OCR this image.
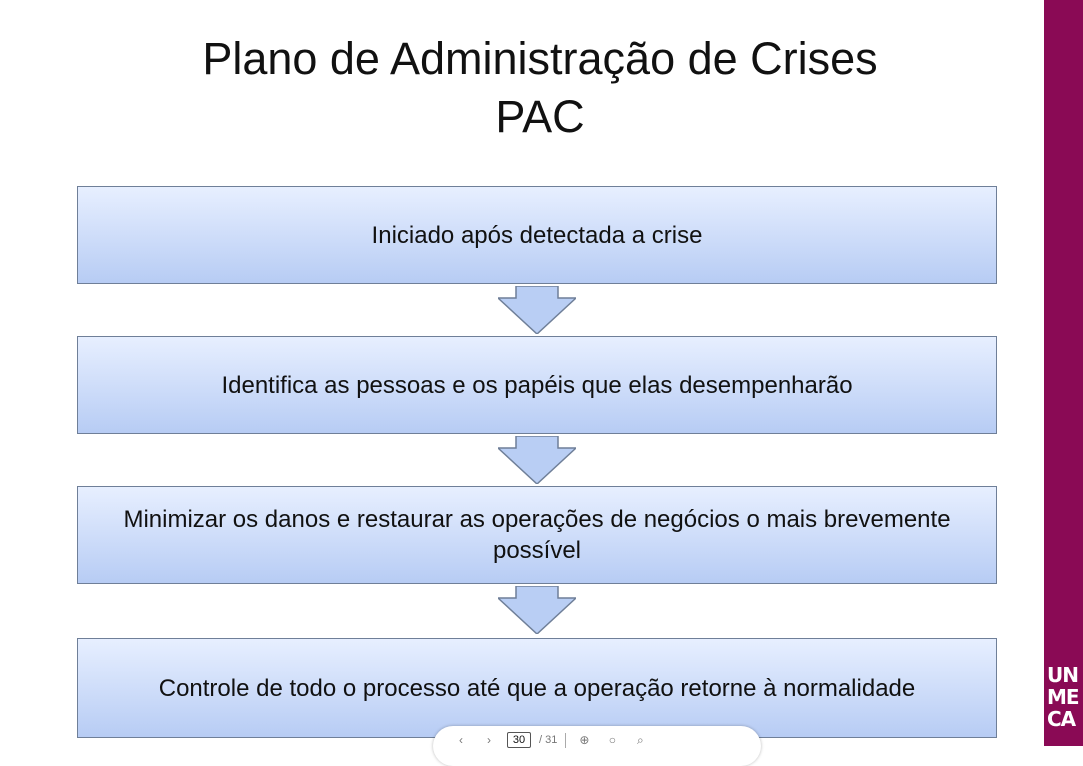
Plano de Administração de Crises
PAC
Iniciado após detectada a crise
Identifica as pessoas e os papéis que elas desempenharão
Minimizar os danos e restaurar as operações de negócios o mais brevemente possível
Controle de todo o processo até que a operação retorne à normalidade	UN
ME
CA
‹	›
30	/ 31	⊕	○	⌕
